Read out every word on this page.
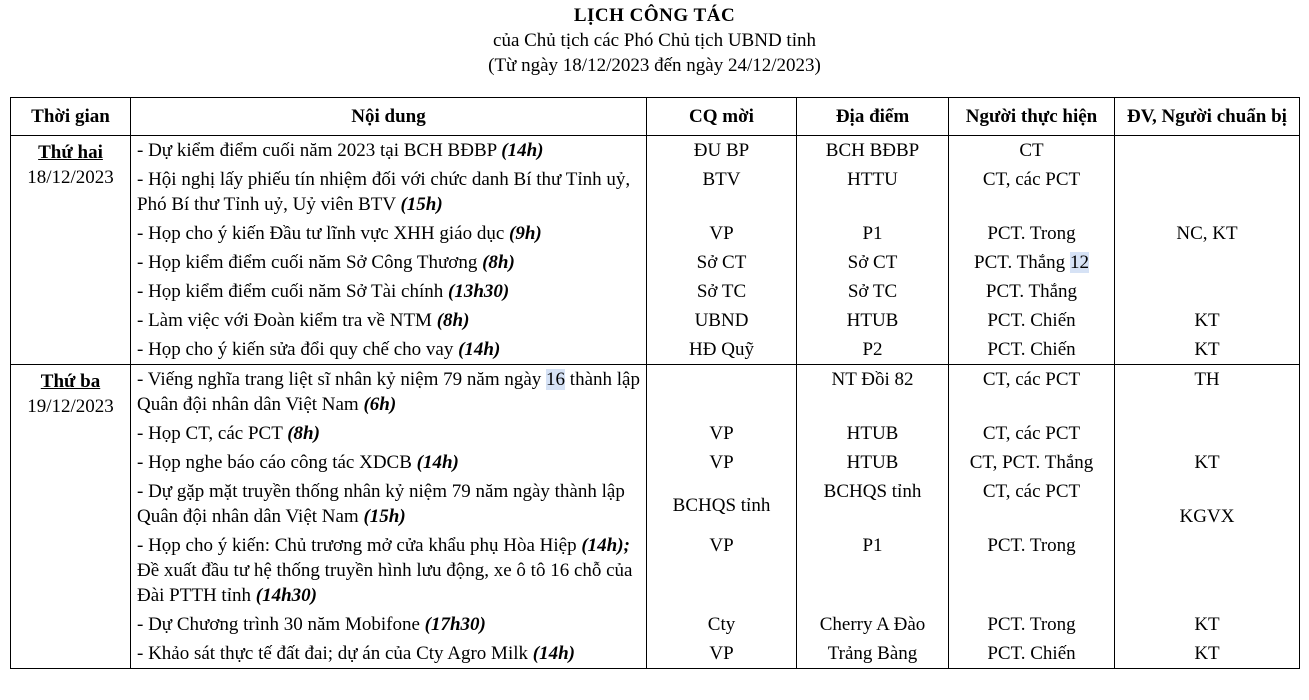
LỊCH CÔNG TÁC
của Chủ tịch các Phó Chủ tịch UBND tỉnh
(Từ ngày 18/12/2023 đến ngày 24/12/2023)
Thời gian	Nội dung	CQ mời	Địa điểm	Người thực hiện	ĐV, Người chuẩn bị

Thứ hai
18/12/2023	- Dự kiểm điểm cuối năm 2023 tại BCH BĐBP (14h)	ĐU BP	BCH BĐBP	CT	
	- Hội nghị lấy phiếu tín nhiệm đối với chức danh Bí thư Tỉnh uỷ, Phó Bí thư Tỉnh uỷ, Uỷ viên BTV (15h)	BTV	HTTU	CT, các PCT	
	- Họp cho ý kiến Đầu tư lĩnh vực XHH giáo dục (9h)	VP	P1	PCT. Trong	NC, KT
	- Họp kiểm điểm cuối năm Sở Công Thương (8h)	Sở CT	Sở CT	PCT. Thắng 12	
	- Họp kiểm điểm cuối năm Sở Tài chính (13h30)	Sở TC	Sở TC	PCT. Thắng	
	- Làm việc với Đoàn kiểm tra về NTM (8h)	UBND	HTUB	PCT. Chiến	KT
	- Họp cho ý kiến sửa đổi quy chế cho vay (14h)	HĐ Quỹ	P2	PCT. Chiến	KT

Thứ ba
19/12/2023	- Viếng nghĩa trang liệt sĩ nhân kỷ niệm 79 năm ngày 16 thành lập Quân đội nhân dân Việt Nam (6h)		NT Đồi 82	CT, các PCT	TH
	- Họp CT, các PCT (8h)	VP	HTUB	CT, các PCT	
	- Họp nghe báo cáo công tác XDCB (14h)	VP	HTUB	CT, PCT. Thắng	KT
	- Dự gặp mặt truyền thống nhân kỷ niệm 79 năm ngày thành lập Quân đội nhân dân Việt Nam (15h)	BCHQS tỉnh	BCHQS tỉnh	CT, các PCT	KGVX
	- Họp cho ý kiến: Chủ trương mở cửa khẩu phụ Hòa Hiệp (14h); Đề xuất đầu tư hệ thống truyền hình lưu động, xe ô tô 16 chỗ của Đài PTTH tỉnh (14h30)	VP	P1	PCT. Trong	
	- Dự Chương trình 30 năm Mobifone (17h30)	Cty	Cherry A Đào	PCT. Trong	KT
	- Khảo sát thực tế đất đai; dự án của Cty Agro Milk (14h)	VP	Trảng Bàng	PCT. Chiến	KT
